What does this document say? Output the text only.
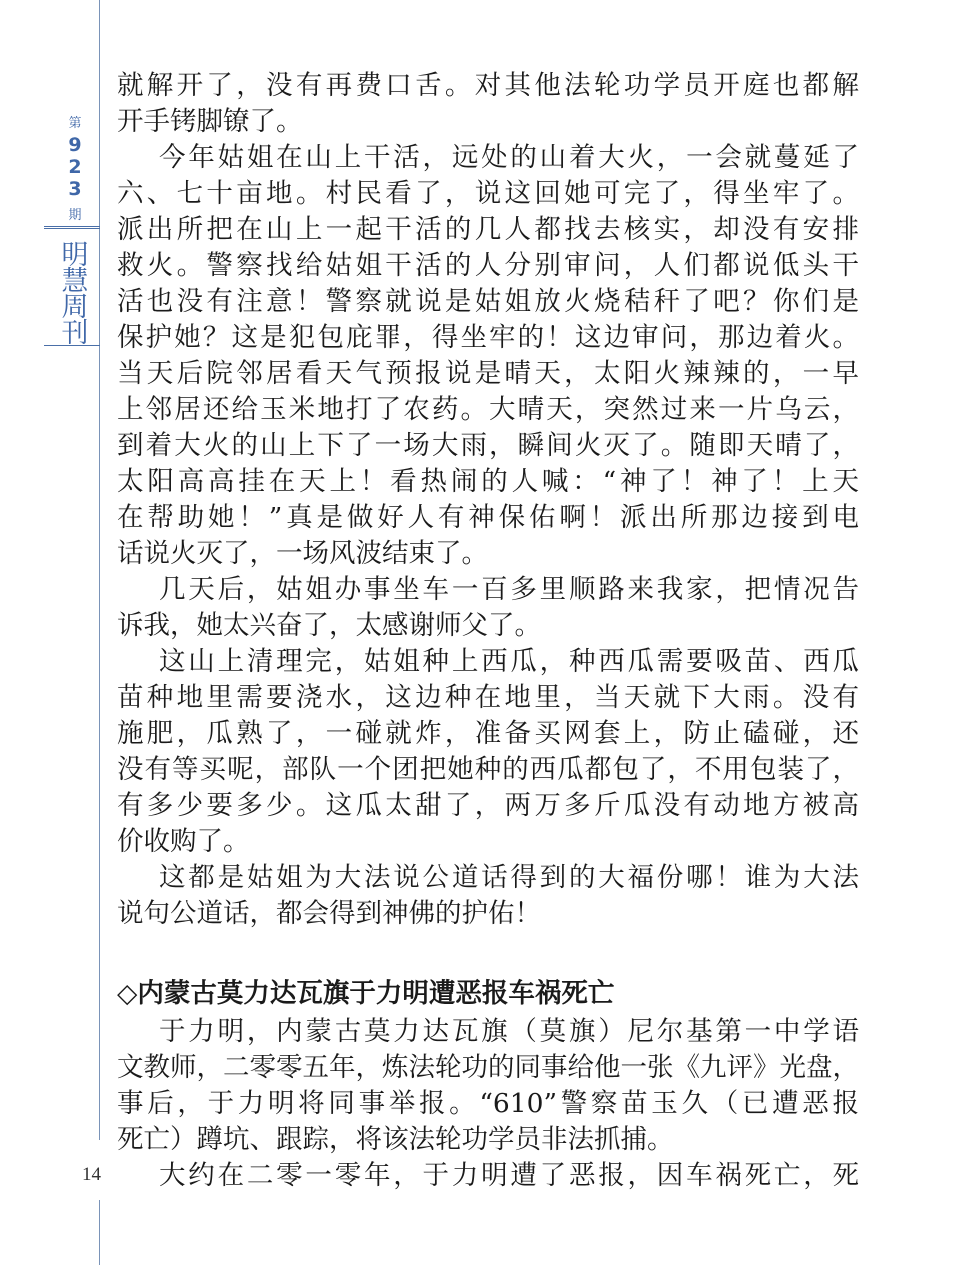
第
9
2
3
期
明
慧
周
刊
14
就解开了，没有再费口舌。对其他法轮功学员开庭也都解
开手铐脚镣了。
今年姑姐在山上干活，远处的山着大火，一会就蔓延了
六、七十亩地。村民看了，说这回她可完了，得坐牢了。
派出所把在山上一起干活的几人都找去核实，却没有安排
救火。警察找给姑姐干活的人分别审问，人们都说低头干
活也没有注意！警察就说是姑姐放火烧秸秆了吧？你们是
保护她？这是犯包庇罪，得坐牢的！这边审问，那边着火。
当天后院邻居看天气预报说是晴天，太阳火辣辣的，一早
上邻居还给玉米地打了农药。大晴天，突然过来一片乌云，
到着大火的山上下了一场大雨，瞬间火灭了。随即天晴了，
太阳高高挂在天上！看热闹的人喊：“神了！神了！上天
在帮助她！”真是做好人有神保佑啊！派出所那边接到电
话说火灭了，一场风波结束了。
几天后，姑姐办事坐车一百多里顺路来我家，把情况告
诉我，她太兴奋了，太感谢师父了。
这山上清理完，姑姐种上西瓜，种西瓜需要吸苗、西瓜
苗种地里需要浇水，这边种在地里，当天就下大雨。没有
施肥，瓜熟了，一碰就炸，准备买网套上，防止磕碰，还
没有等买呢，部队一个团把她种的西瓜都包了，不用包装了，
有多少要多少。这瓜太甜了，两万多斤瓜没有动地方被高
价收购了。
这都是姑姐为大法说公道话得到的大福份哪！谁为大法
说句公道话，都会得到神佛的护佑！
◇内蒙古莫力达瓦旗于力明遭恶报车祸死亡
于力明，内蒙古莫力达瓦旗（莫旗）尼尔基第一中学语
文教师，二零零五年，炼法轮功的同事给他一张《九评》光盘，
事后，于力明将同事举报。“610”警察苗玉久（已遭恶报
死亡）蹲坑、跟踪，将该法轮功学员非法抓捕。
大约在二零一零年，于力明遭了恶报，因车祸死亡，死
